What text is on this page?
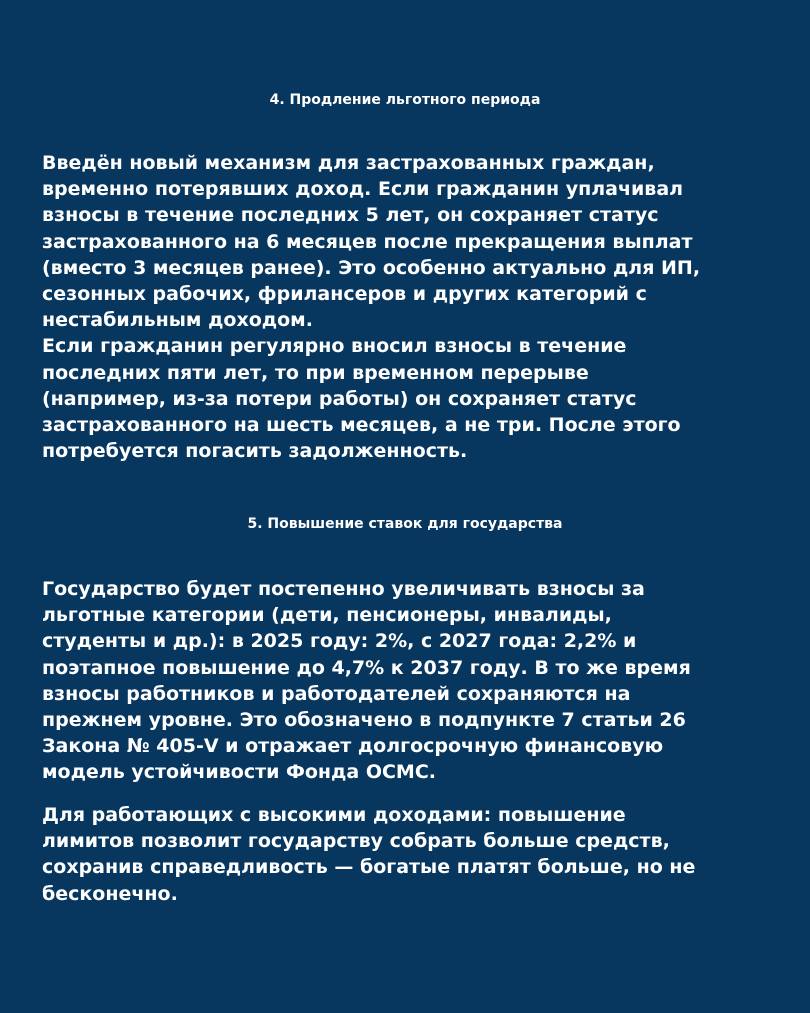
4. Продление льготного периода

Введён новый механизм для застрахованных граждан,
временно потерявших доход. Если гражданин уплачивал
взносы в течение последних 5 лет, он сохраняет статус
застрахованного на 6 месяцев после прекращения выплат
(вместо 3 месяцев ранее). Это особенно актуально для ИП,
сезонных рабочих, фрилансеров и других категорий с
нестабильным доходом.
Если гражданин регулярно вносил взносы в течение
последних пяти лет, то при временном перерыве
(например, из-за потери работы) он сохраняет статус
застрахованного на шесть месяцев, а не три. После этого
потребуется погасить задолженность.

5. Повышение ставок для государства

Государство будет постепенно увеличивать взносы за
льготные категории (дети, пенсионеры, инвалиды,
студенты и др.): в 2025 году: 2%, с 2027 года: 2,2% и
поэтапное повышение до 4,7% к 2037 году. В то же время
взносы работников и работодателей сохраняются на
прежнем уровне. Это обозначено в подпункте 7 статьи 26
Закона № 405-V и отражает долгосрочную финансовую
модель устойчивости Фонда ОСМС.

Для работающих с высокими доходами: повышение
лимитов позволит государству собрать больше средств,
сохранив справедливость — богатые платят больше, но не
бесконечно.
